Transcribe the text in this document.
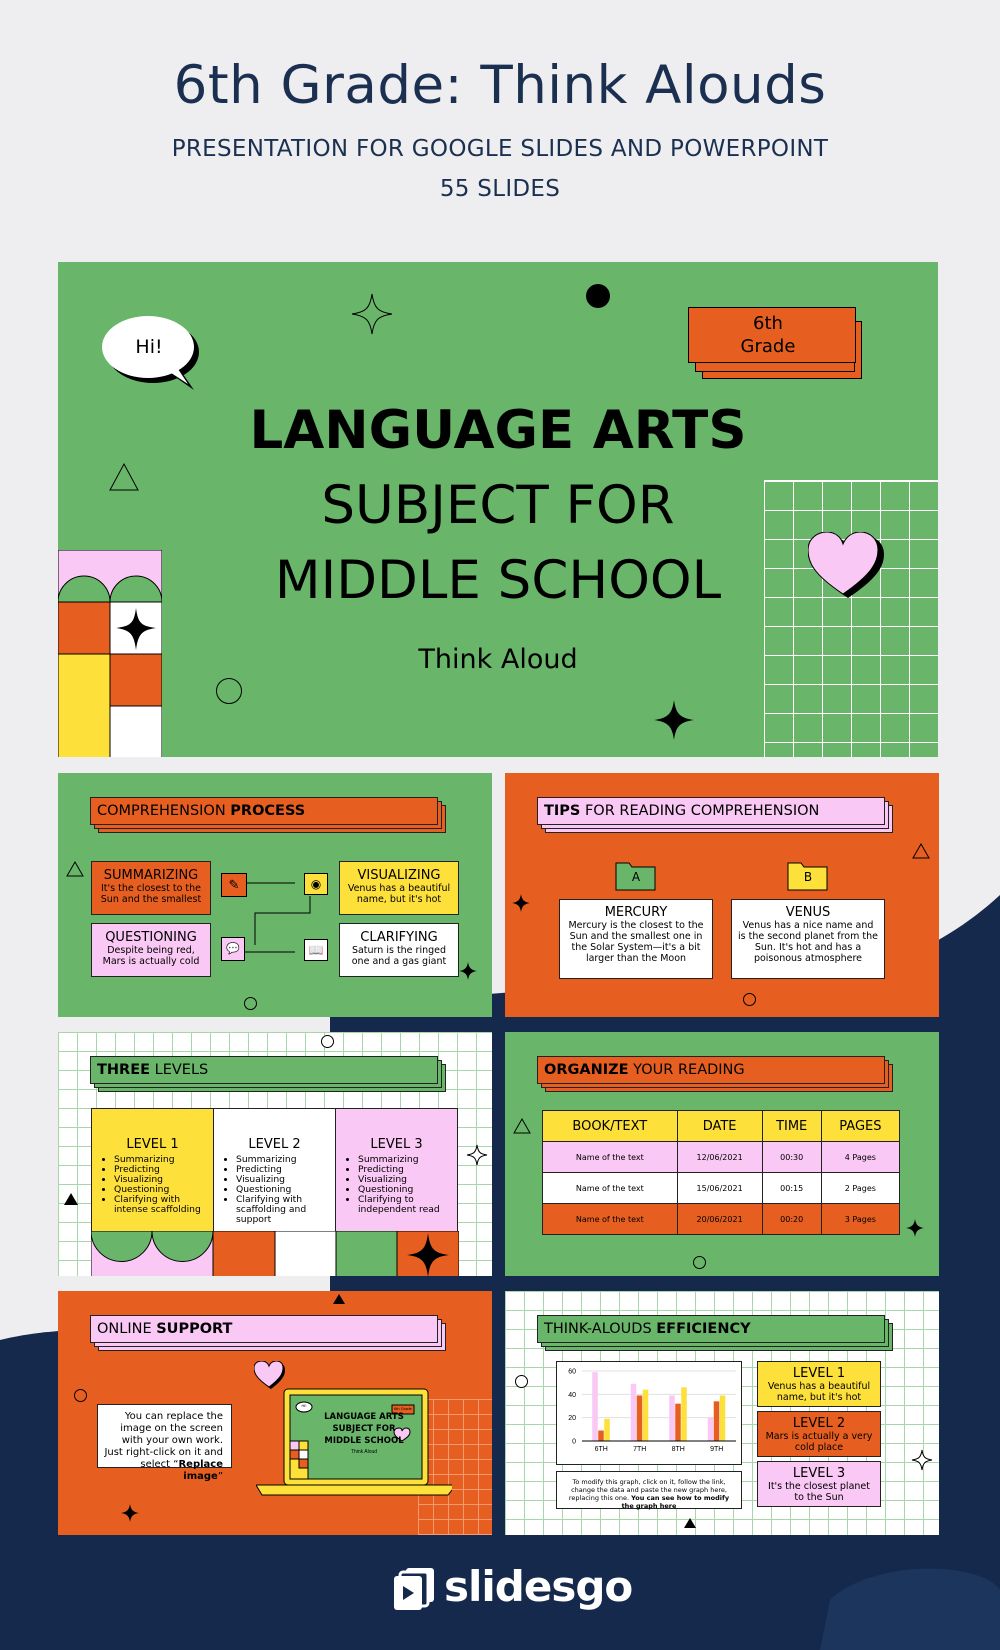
6th Grade: Think Alouds
PRESENTATION FOR GOOGLE SLIDES AND POWERPOINT
55 SLIDES
Hi!
6th Grade
LANGUAGE ARTS
SUBJECT FOR
MIDDLE SCHOOL
Think Aloud
COMPREHENSION PROCESS
SUMMARIZING
It's the closest to the Sun and the smallest
VISUALIZING
Venus has a beautiful name, but it's hot
QUESTIONING
Despite being red, Mars is actually cold
CLARIFYING
Saturn is the ringed one and a gas giant
✎	◉
💬	📖
TIPS FOR READING COMPREHENSION
A	B
MERCURY
Mercury is the closest to the Sun and the smallest one in the Solar System—it's a bit larger than the Moon
VENUS
Venus has a nice name and is the second planet from the Sun. It's hot and has a poisonous atmosphere
THREE LEVELS
LEVEL 1
• Summarizing
• Predicting
• Visualizing
• Questioning
• Clarifying with intense scaffolding
LEVEL 2
• Summarizing
• Predicting
• Visualizing
• Questioning
• Clarifying with scaffolding and support
LEVEL 3
• Summarizing
• Predicting
• Visualizing
• Questioning
• Clarifying to independent read
ORGANIZE YOUR READING
BOOK/TEXT	DATE	TIME	PAGES
Name of the text	12/06/2021	00:30	4 Pages
Name of the text	15/06/2021	00:15	2 Pages
Name of the text	20/06/2021	00:20	3 Pages
ONLINE SUPPORT
You can replace the image on the screen with your own work. Just right-click on it and select “Replace image”
Hi!
6th Grade
LANGUAGE ARTS SUBJECT FOR MIDDLE SCHOOL
Think Aloud
THINK-ALOUDS EFFICIENCY
0
20
40
60
6TH	7TH	8TH	9TH
To modify this graph, click on it, follow the link, change the data and paste the new graph here, replacing this one. You can see how to modify the graph here
LEVEL 1
Venus has a beautiful name, but it's hot
LEVEL 2
Mars is actually a very cold place
LEVEL 3
It's the closest planet to the Sun
slidesgo
